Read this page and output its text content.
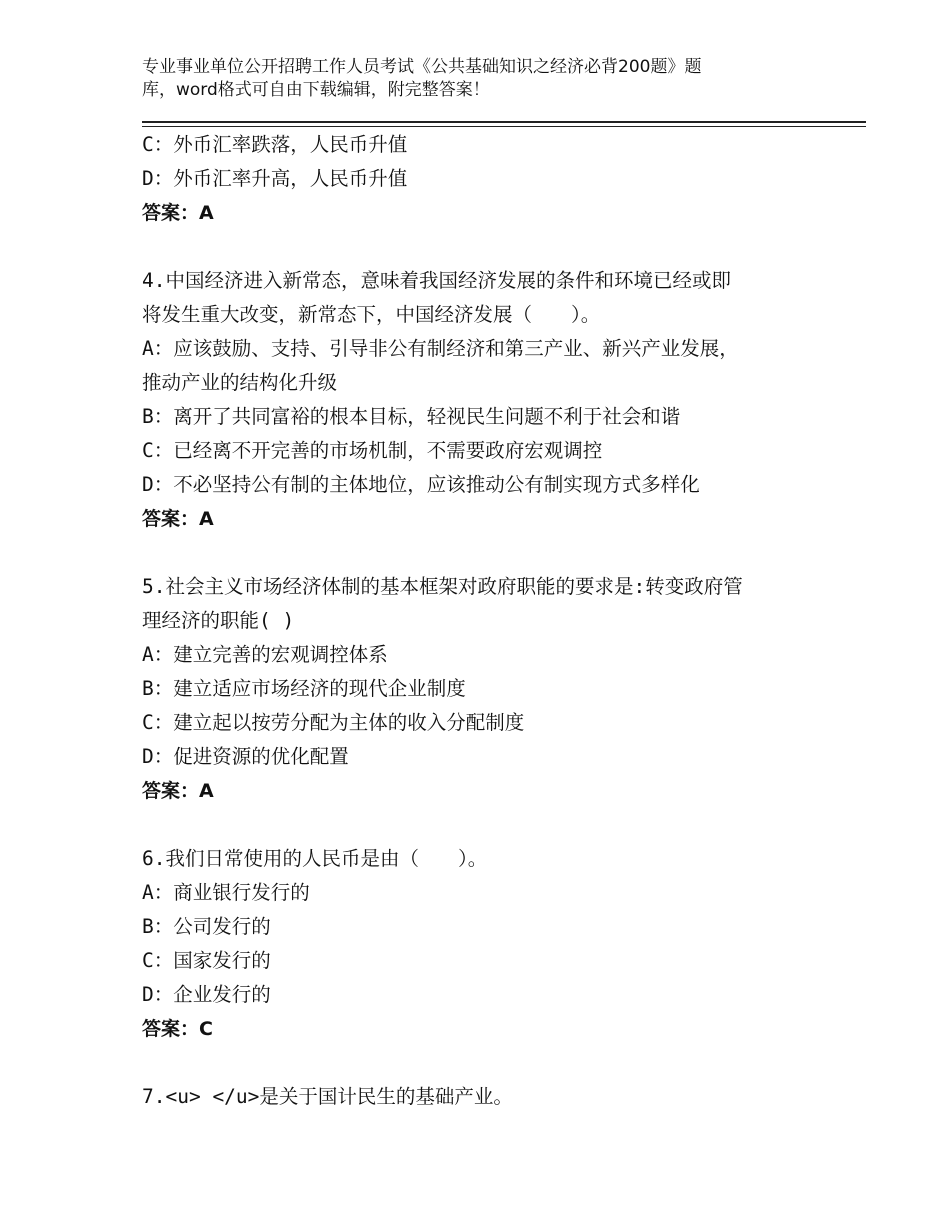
专业事业单位公开招聘工作人员考试《公共基础知识之经济必背200题》题
库，word格式可自由下载编辑，附完整答案！
C：外币汇率跌落，人民币升值
D：外币汇率升高，人民币升值
答案：A
4.中国经济进入新常态，意味着我国经济发展的条件和环境已经或即
将发生重大改变，新常态下，中国经济发展（　　）。
A：应该鼓励、支持、引导非公有制经济和第三产业、新兴产业发展，
推动产业的结构化升级
B：离开了共同富裕的根本目标，轻视民生问题不利于社会和谐
C：已经离不开完善的市场机制，不需要政府宏观调控
D：不必坚持公有制的主体地位，应该推动公有制实现方式多样化
答案：A
5.社会主义市场经济体制的基本框架对政府职能的要求是:转变政府管
理经济的职能( )
A：建立完善的宏观调控体系
B：建立适应市场经济的现代企业制度
C：建立起以按劳分配为主体的收入分配制度
D：促进资源的优化配置
答案：A
6.我们日常使用的人民币是由（　　）。
A：商业银行发行的
B：公司发行的
C：国家发行的
D：企业发行的
答案：C
7.<u> </u>是关于国计民生的基础产业。
